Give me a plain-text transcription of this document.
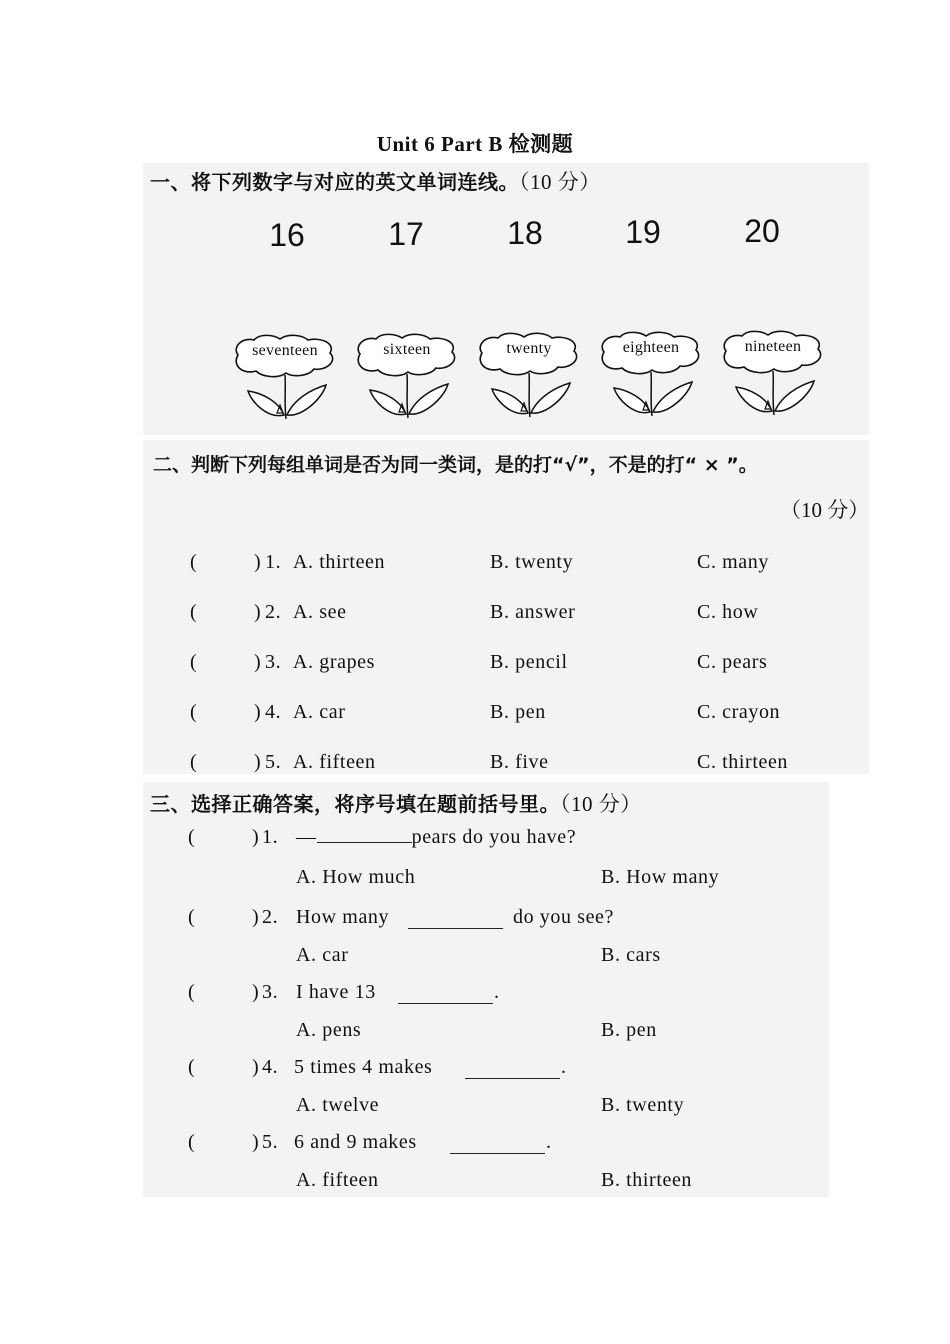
Unit 6 Part B 检测题
一、将下列数字与对应的英文单词连线。（10 分）
16	17	18	19	20
seventeen	sixteen	twenty	eighteen	nineteen
二、判断下列每组单词是否为同一类词，是的打“√”，不是的打“ × ”。
（10 分）
(	) 1. A. thirteen	B. twenty	C. many
(	) 2. A. see	B. answer	C. how
(	) 3. A. grapes	B. pencil	C. pears
(	) 4. A. car	B. pen	C. crayon
(	) 5. A. fifteen	B. five	C. thirteen
三、选择正确答案，将序号填在题前括号里。（10 分）
(	) 1. —	pears do you have?
A. How much	B. How many
(	) 2. How many	do you see?
A. car	B. cars
(	) 3. I have 13	.
A. pens	B. pen
(	) 4. 5 times 4 makes	.
A. twelve	B. twenty
(	) 5. 6 and 9 makes	.
A. fifteen	B. thirteen
